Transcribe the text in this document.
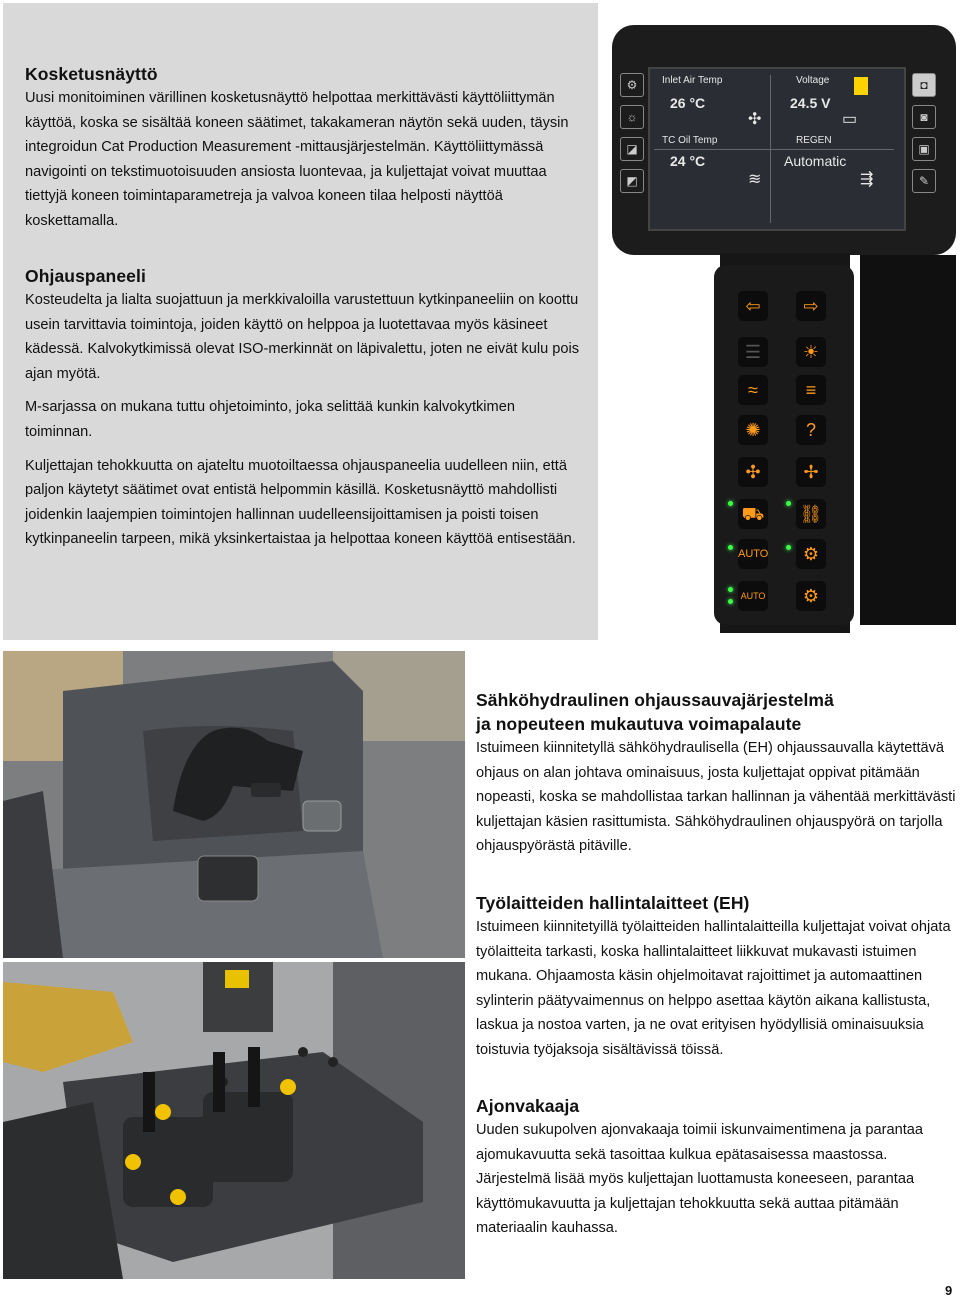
Kosketusnäyttö

Uusi monitoiminen värillinen kosketusnäyttö helpottaa merkittävästi käyttöliittymän käyttöä, koska se sisältää koneen säätimet, takakameran näytön sekä uuden, täysin integroidun Cat Production Measurement -mittausjärjestelmän. Käyttöliittymässä navigointi on tekstimuotoisuuden ansiosta luontevaa, ja kuljettajat voivat muuttaa tiettyjä koneen toimintaparametreja ja valvoa koneen tilaa helposti näyttöä koskettamalla.

Ohjauspaneeli

Kosteudelta ja lialta suojattuun ja merkkivaloilla varustettuun kytkinpaneeliin on koottu usein tarvittavia toimintoja, joiden käyttö on helppoa ja luotettavaa myös käsineet kädessä. Kalvokytkimissä olevat ISO-merkinnät on läpivalettu, joten ne eivät kulu pois ajan myötä.

M-sarjassa on mukana tuttu ohjetoiminto, joka selittää kunkin kalvokytkimen toiminnan.

Kuljettajan tehokkuutta on ajateltu muotoiltaessa ohjauspaneelia uudelleen niin, että paljon käytetyt säätimet ovat entistä helpommin käsillä. Kosketusnäyttö mahdollisti joidenkin laajempien toimintojen hallinnan uudelleensijoittamisen ja poisti toisen kytkinpaneelin tarpeen, mikä yksinkertaistaa ja helpottaa koneen käyttöä entisestään.

⚙
☼
◪
◩
Inlet Air Temp
26 °C
Voltage
24.5 V
TC Oil Temp
24 °C
REGEN
Automatic
✣	▭
≋	⇶
◘
◙
▣
✎
⇦	⇨
☰	☀
≈	≡
✺	?
✣	✢
⛟ ⛓
AUTO	⚙
AUTO	⚙
Sähköhydraulinen ohjaussauvajärjestelmä
ja nopeuteen mukautuva voimapalaute

Istuimeen kiinnitetyllä sähköhydraulisella (EH) ohjaussauvalla käytettävä ohjaus on alan johtava ominaisuus, josta kuljettajat oppivat pitämään nopeasti, koska se mahdollistaa tarkan hallinnan ja vähentää merkittävästi kuljettajan käsien rasittumista. Sähköhydraulinen ohjauspyörä on tarjolla ohjauspyörästä pitäville.

Työlaitteiden hallintalaitteet (EH)

Istuimeen kiinnitetyillä työlaitteiden hallintalaitteilla kuljettajat voivat ohjata työlaitteita tarkasti, koska hallintalaitteet liikkuvat mukavasti istuimen mukana. Ohjaamosta käsin ohjelmoitavat rajoittimet ja automaattinen sylinterin päätyvaimennus on helppo asettaa käytön aikana kallistusta, laskua ja nostoa varten, ja ne ovat erityisen hyödyllisiä ominaisuuksia toistuvia työjaksoja sisältävissä töissä.

Ajonvakaaja

Uuden sukupolven ajonvakaaja toimii iskunvaimentimena ja parantaa ajomukavuutta sekä tasoittaa kulkua epätasaisessa maastossa. Järjestelmä lisää myös kuljettajan luottamusta koneeseen, parantaa käyttömukavuutta ja kuljettajan tehokkuutta sekä auttaa pitämään materiaalin kauhassa.

9
